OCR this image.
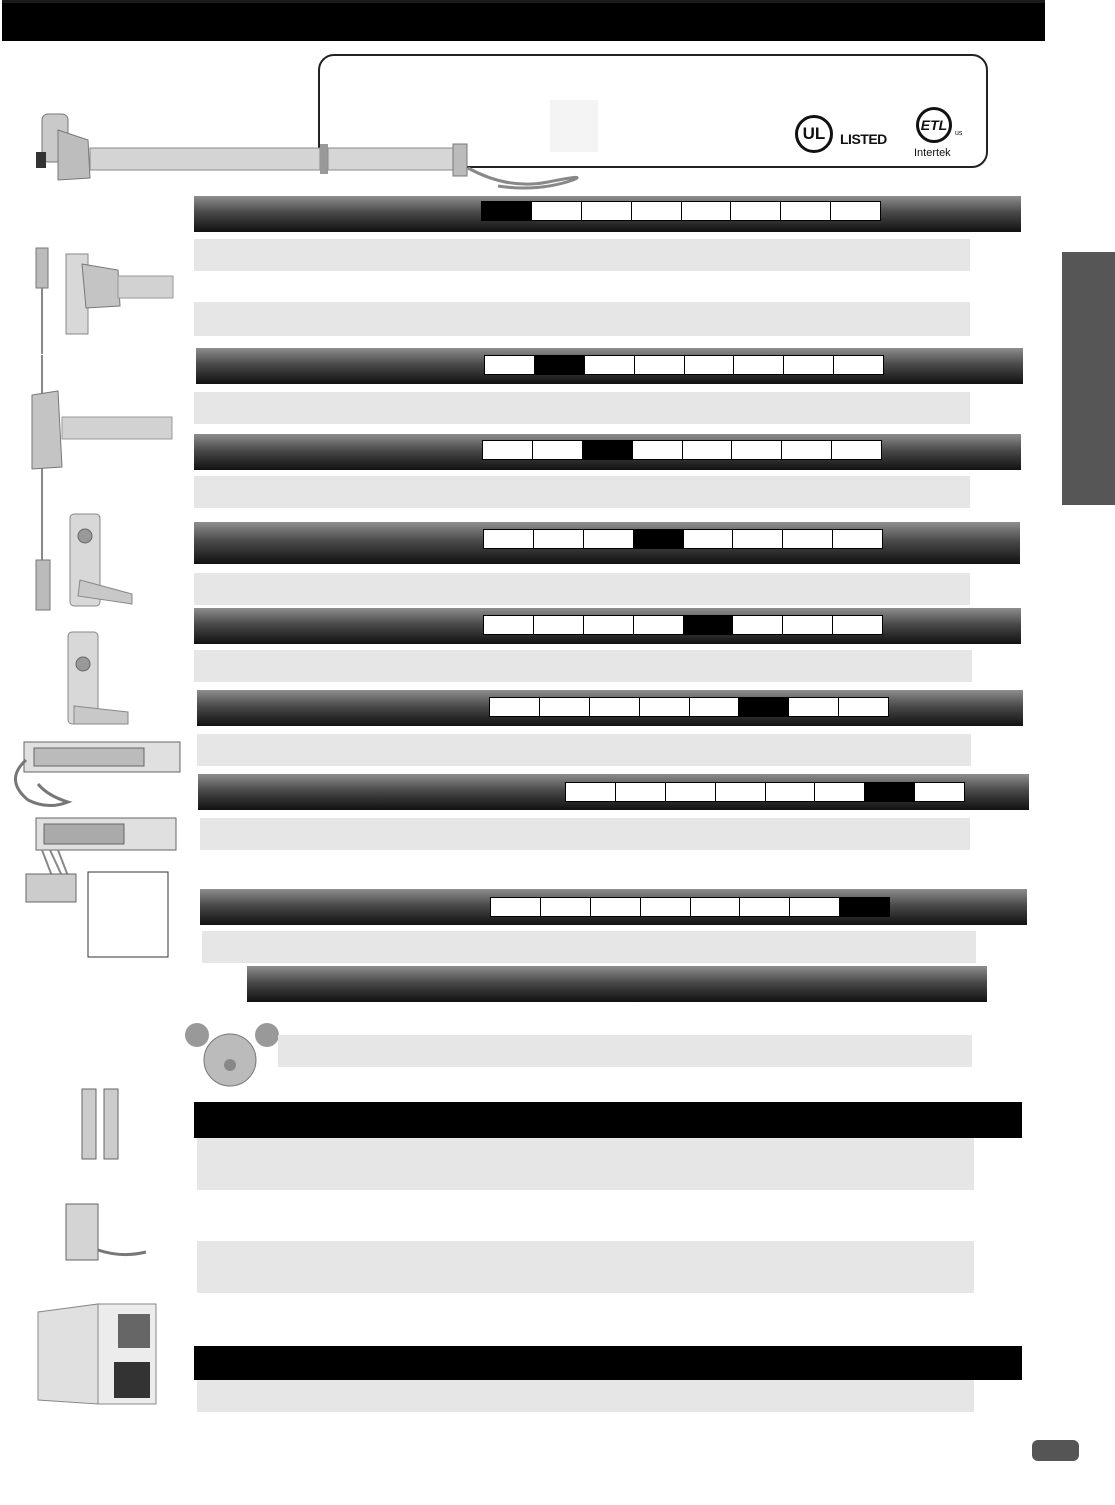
UL	LISTED
ETL
us
Intertek
